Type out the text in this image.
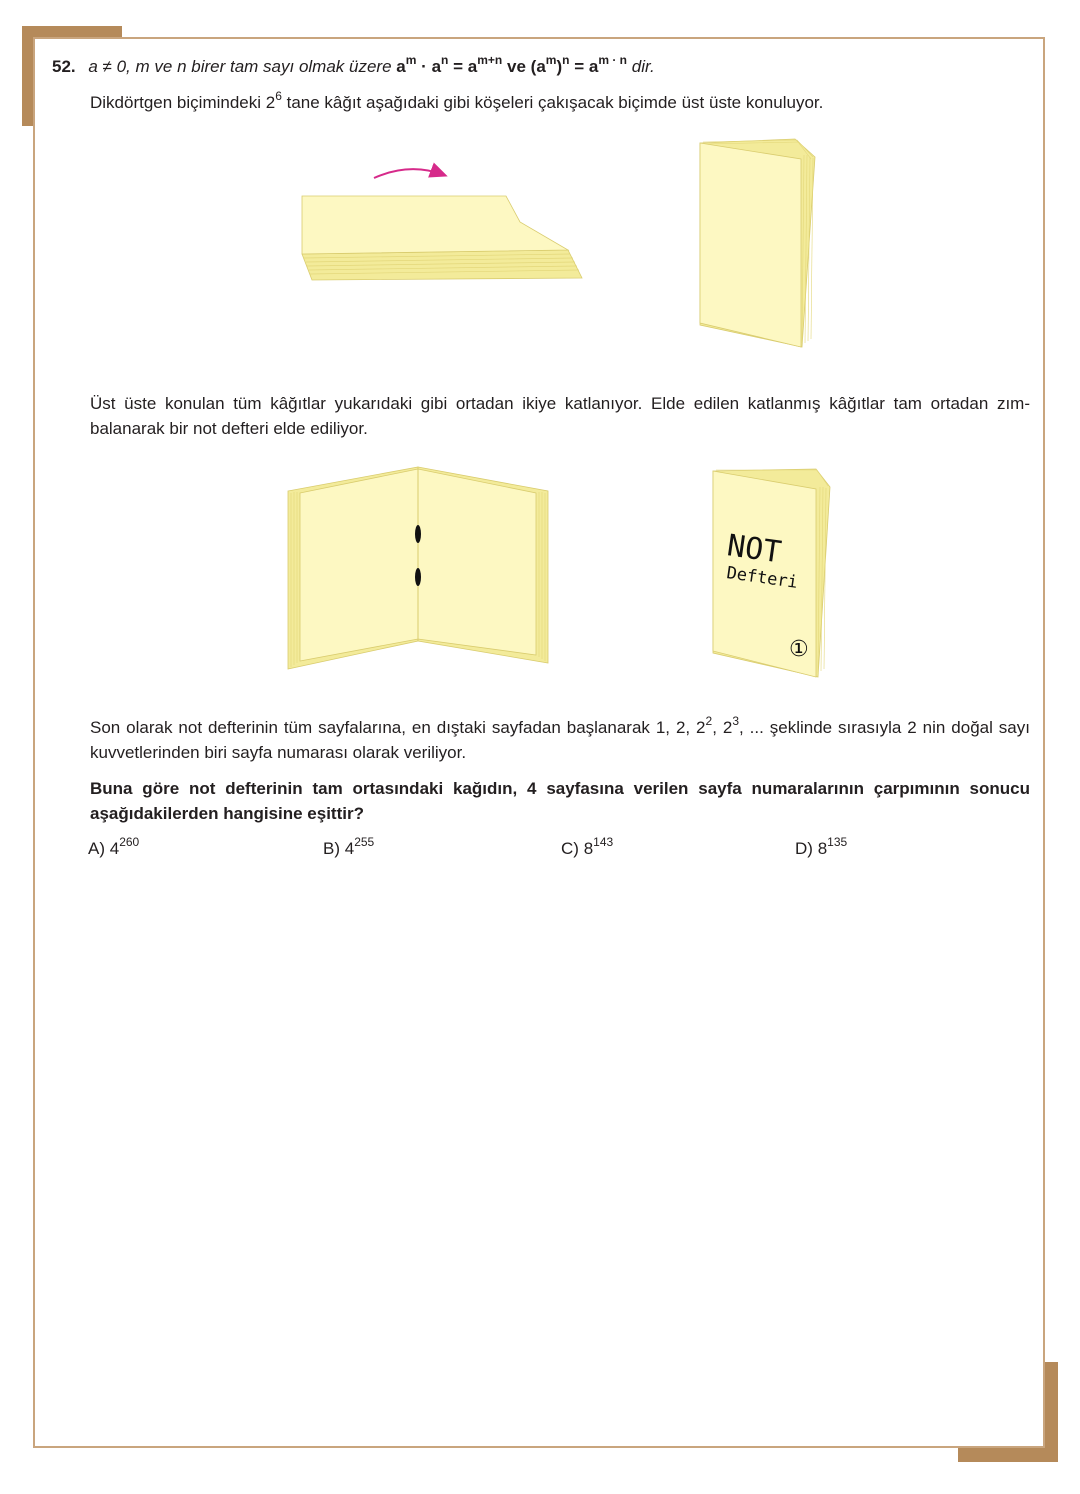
52. a ≠ 0, m ve n birer tam sayı olmak üzere $a^m \cdot a^n = a^{m+n}$ ve $(a^m)^n = a^{m \cdot n}$ dir.
Dikdörtgen biçimindeki $2^6$ tane kâğıt aşağıdaki gibi köşeleri çakışacak biçimde üst üste konuluyor.
Üst üste konulan tüm kâğıtlar yukarıdaki gibi ortadan ikiye katlanıyor. Elde edilen katlanmış kâğıtlar tam ortadan zım-balanarak bir not defteri elde ediliyor.
NOT
Defteri
①
Son olarak not defterinin tüm sayfalarına, en dıştaki sayfadan başlanarak 1, 2, $2^2$, $2^3$, ... şeklinde sırasıyla 2 nin doğal sayı kuvvetlerinden biri sayfa numarası olarak veriliyor.
Buna göre not defterinin tam ortasındaki kağıdın, 4 sayfasına verilen sayfa numaralarının çarpımının sonucu aşağıdakilerden hangisine eşittir?
A) $4^{260}$	B) $4^{255}$	C) $8^{143}$	D) $8^{135}$
